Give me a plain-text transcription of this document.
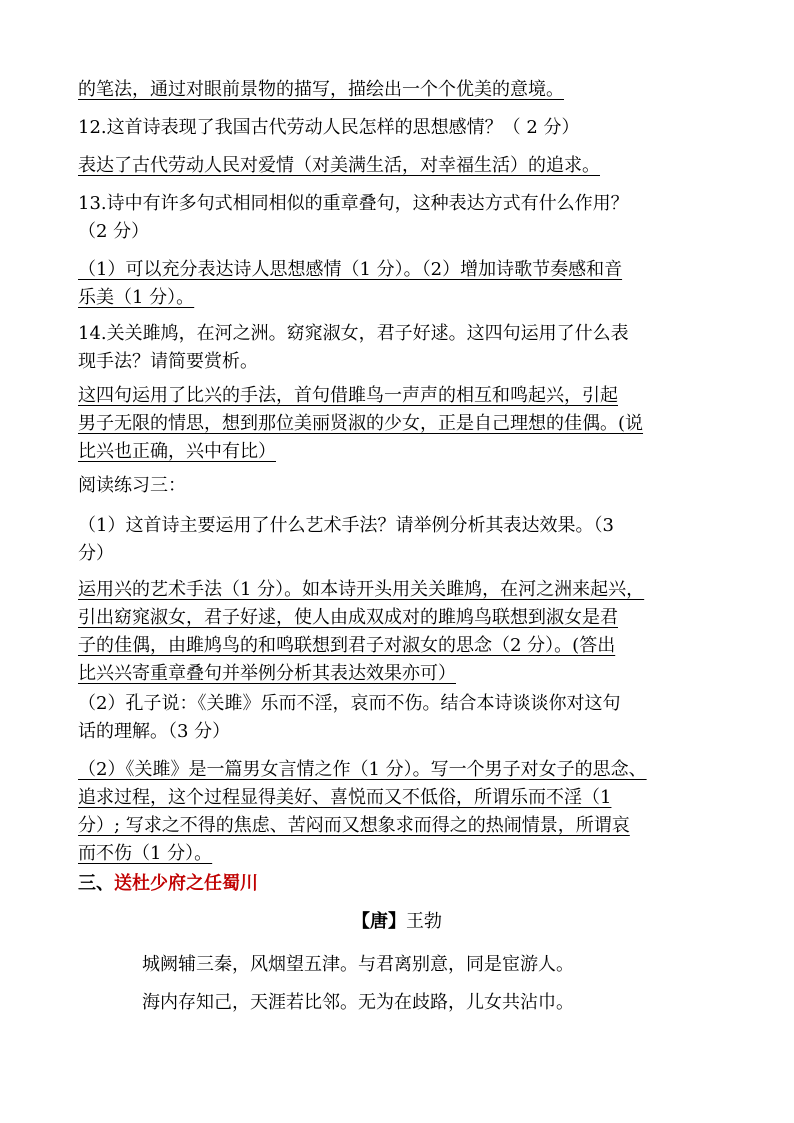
的笔法，通过对眼前景物的描写，描绘出一个个优美的意境。
12.这首诗表现了我国古代劳动人民怎样的思想感情？（ 2 分）
表达了古代劳动人民对爱情（对美满生活，对幸福生活）的追求。
13.诗中有许多句式相同相似的重章叠句，这种表达方式有什么作用？
（2 分）
（1）可以充分表达诗人思想感情（1 分）。（2）增加诗歌节奏感和音
乐美（1 分）。
14.关关雎鸠，在河之洲。窈窕淑女，君子好逑。这四句运用了什么表
现手法？请简要赏析。
这四句运用了比兴的手法，首句借雎鸟一声声的相互和鸣起兴，引起
男子无限的情思，想到那位美丽贤淑的少女，正是自己理想的佳偶。(说
比兴也正确，兴中有比）
阅读练习三：
（1）这首诗主要运用了什么艺术手法？请举例分析其表达效果。（3
分）
运用兴的艺术手法（1 分）。如本诗开头用关关雎鸠，在河之洲来起兴，
引出窈窕淑女，君子好逑，使人由成双成对的雎鸠鸟联想到淑女是君
子的佳偶，由雎鸠鸟的和鸣联想到君子对淑女的思念（2 分）。(答出
比兴兴寄重章叠句并举例分析其表达效果亦可）
（2）孔子说：《关雎》乐而不淫，哀而不伤。结合本诗谈谈你对这句
话的理解。（3 分）
（2）《关雎》是一篇男女言情之作（1 分）。写一个男子对女子的思念、
追求过程，这个过程显得美好、喜悦而又不低俗，所谓乐而不淫（1
分）; 写求之不得的焦虑、苦闷而又想象求而得之的热闹情景，所谓哀
而不伤（1 分）。
三、送杜少府之任蜀川
【唐】王勃
城阙辅三秦，风烟望五津。与君离别意，同是宦游人。
海内存知己，天涯若比邻。无为在歧路，儿女共沾巾。
